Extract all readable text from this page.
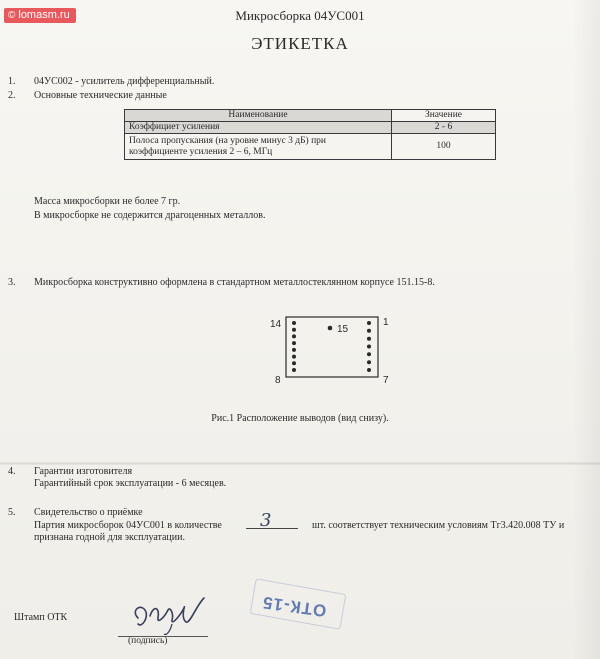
© lomasm.ru	Микросборка 04УС001
ЭТИКЕТКА
1. 04УС002 - усилитель дифференциальный.
2. Основные технические данные
Наименование	Значение
Коэффициет усиления	2 - 6

Полоса пропускания (на уровне минус 3 дБ) при
коэффициенте усиления 2 – 6, МГц
	100
Масса микросборки не более 7 гр.
В микросборке не содержится драгоценных металлов.
3. Микросборка конструктивно оформлена в стандартном металлостеклянном корпусе 151.15-8.
15
14	1
8	7
Рис.1 Расположение выводов (вид снизу).
4. Гарантии изготовителя
Гарантийный срок эксплуатации - 6 месяцев.
5. Свидетельство о приёмке
Партия микросборок 04УС001 в количестве 3	шт. соответствует техническим условиям Тг3.420.008 ТУ и
признана годной для эксплуатации.
Штамп ОТК
(подпись)
ОТК-15
